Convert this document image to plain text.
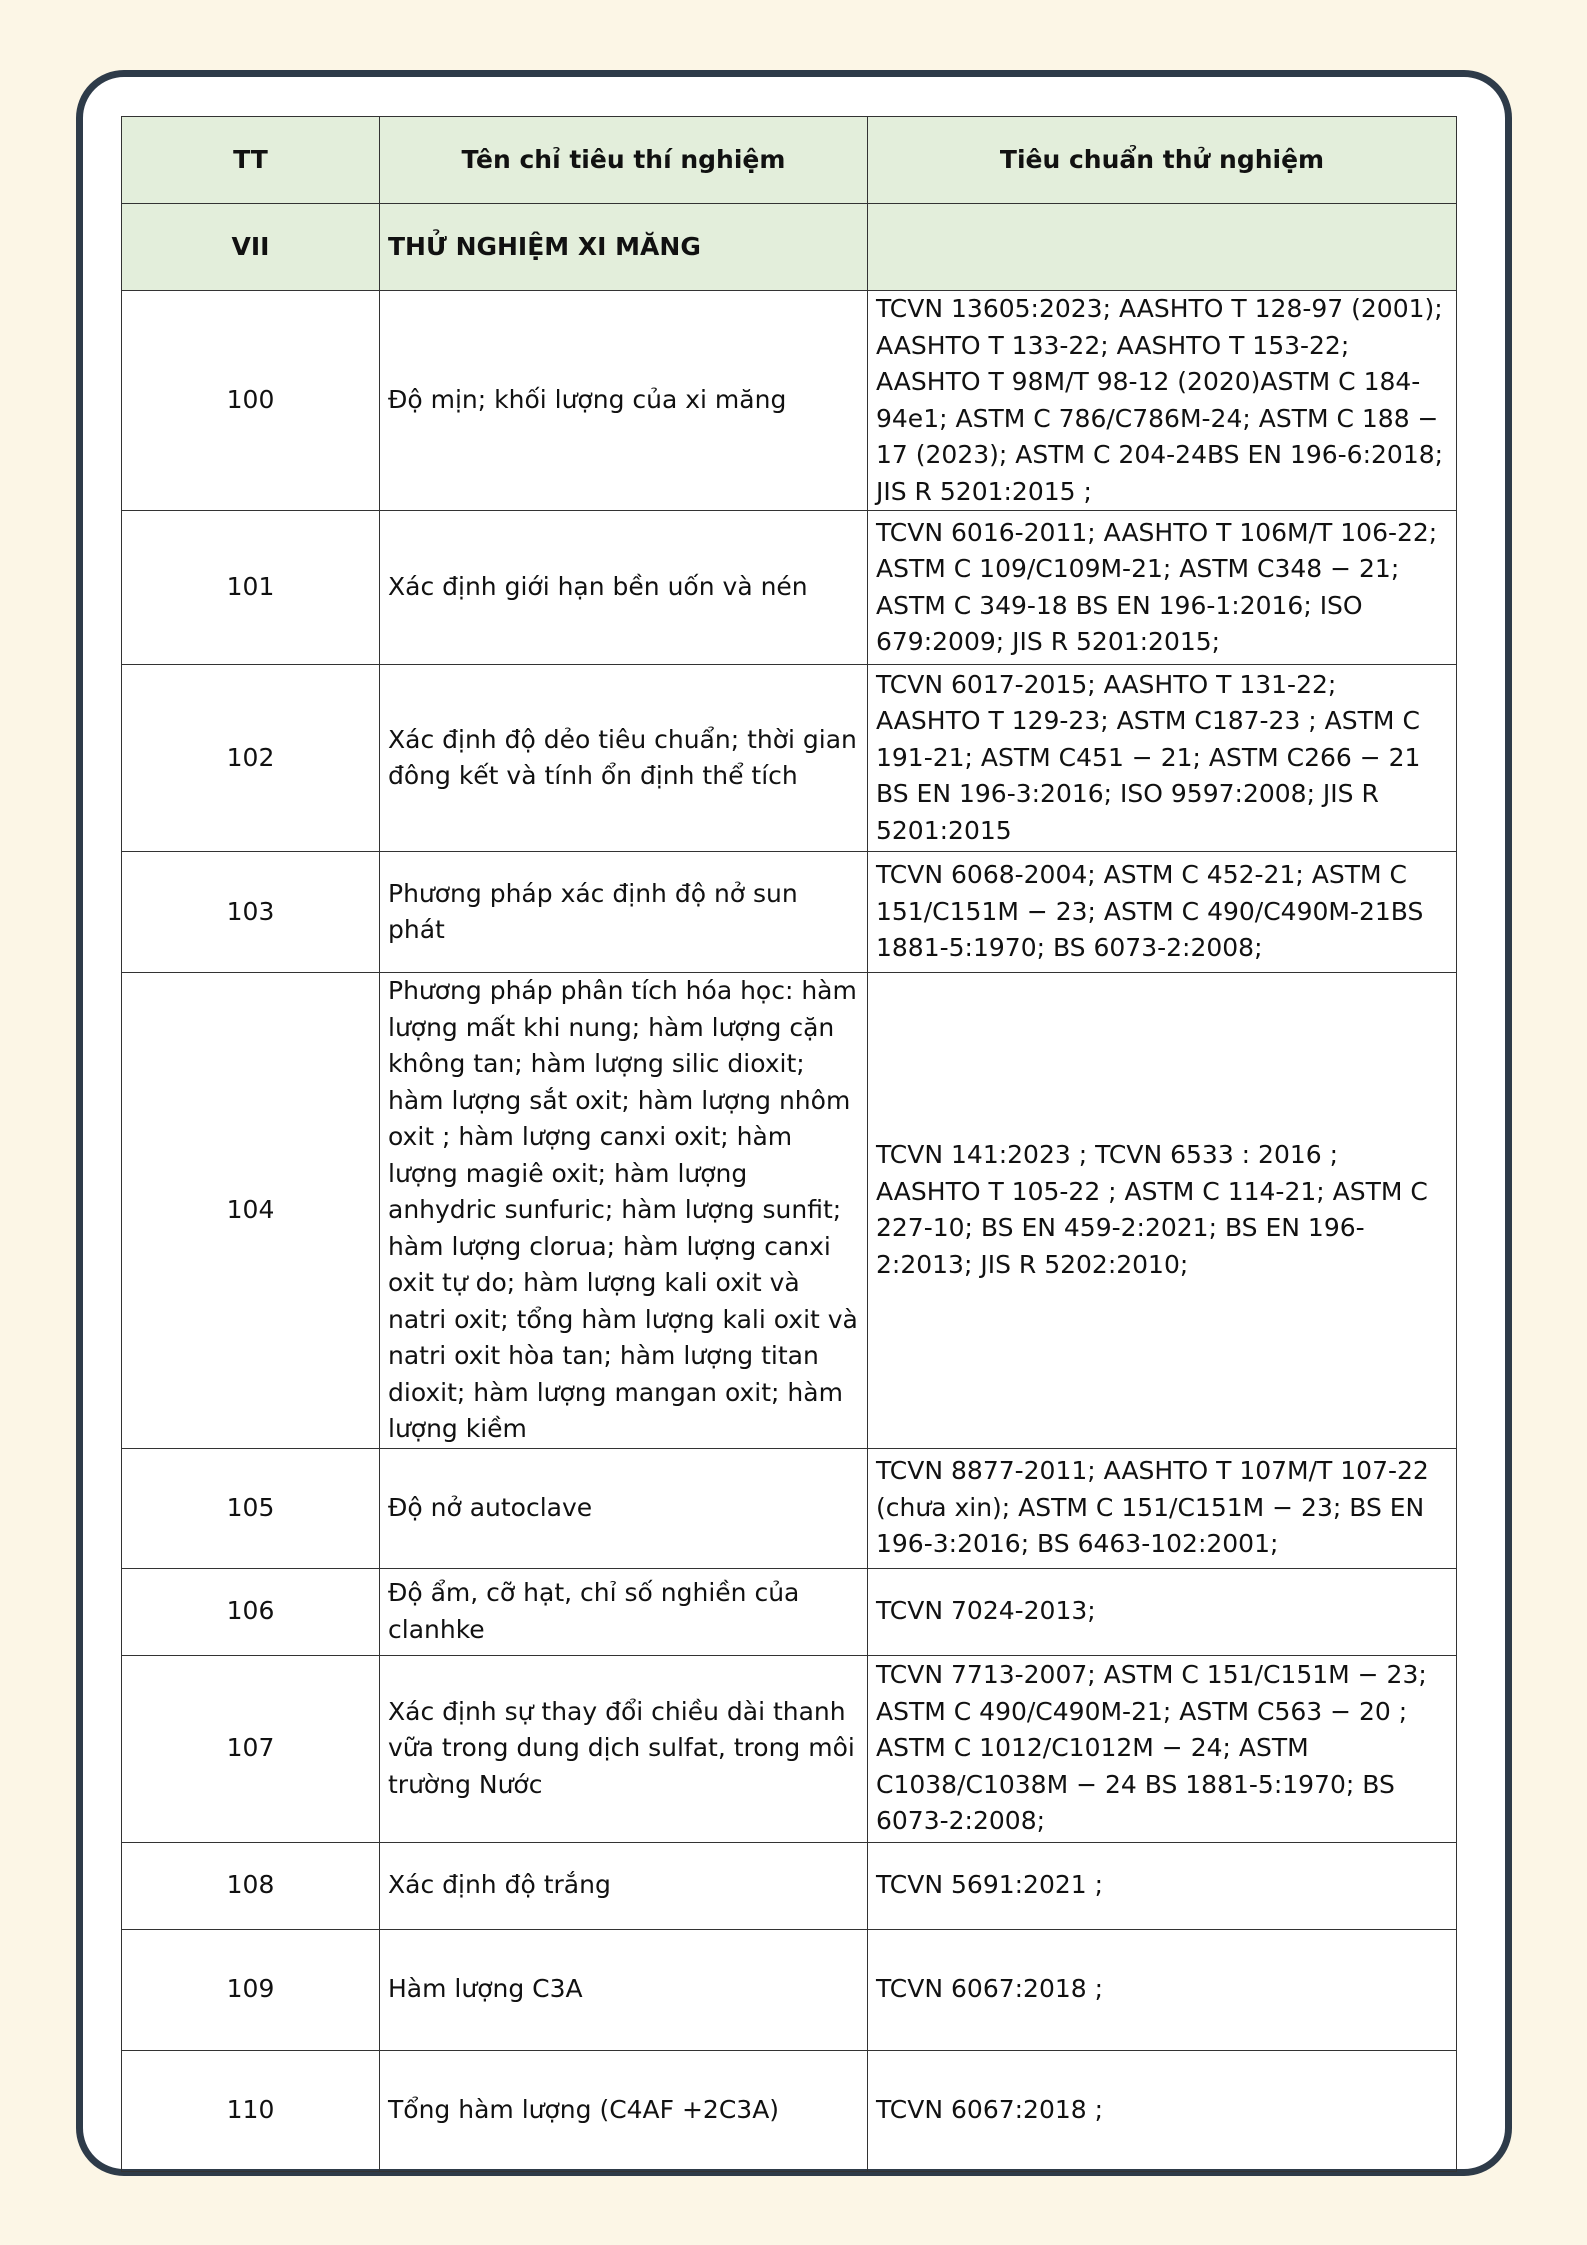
TT	Tên chỉ tiêu thí nghiệm	Tiêu chuẩn thử nghiệm
VII	THỬ NGHIỆM XI MĂNG	
100	Độ mịn; khối lượng của xi măng	TCVN 13605:2023; AASHTO T 128-97 (2001); AASHTO T 133-22; AASHTO T 153-22; AASHTO T 98M/T 98-12 (2020)ASTM C 184-94e1; ASTM C 786/C786M-24; ASTM C 188 − 17 (2023); ASTM C 204-24BS EN 196-6:2018; JIS R 5201:2015 ;
101	Xác định giới hạn bền uốn và nén	TCVN 6016-2011; AASHTO T 106M/T 106-22; ASTM C 109/C109M-21; ASTM C348 − 21; ASTM C 349-18 BS EN 196-1:2016; ISO 679:2009; JIS R 5201:2015;
102	Xác định độ dẻo tiêu chuẩn; thời gian đông kết và tính ổn định thể tích	TCVN 6017-2015; AASHTO T 131-22; AASHTO T 129-23; ASTM C187-23 ; ASTM C 191-21; ASTM C451 − 21; ASTM C266 − 21 BS EN 196-3:2016; ISO 9597:2008; JIS R 5201:2015
103	Phương pháp xác định độ nở sun phát	TCVN 6068-2004; ASTM C 452-21; ASTM C 151/C151M − 23; ASTM C 490/C490M-21BS 1881-5:1970; BS 6073-2:2008;
104	Phương pháp phân tích hóa học: hàm lượng mất khi nung; hàm lượng cặn không tan; hàm lượng silic dioxit; hàm lượng sắt oxit; hàm lượng nhôm oxit ; hàm lượng canxi oxit; hàm lượng magiê oxit; hàm lượng anhydric sunfuric; hàm lượng sunfit; hàm lượng clorua; hàm lượng canxi oxit tự do; hàm lượng kali oxit và natri oxit; tổng hàm lượng kali oxit và natri oxit hòa tan; hàm lượng titan dioxit; hàm lượng mangan oxit; hàm lượng kiềm	TCVN 141:2023 ; TCVN 6533 : 2016 ; AASHTO T 105-22 ; ASTM C 114-21; ASTM C 227-10; BS EN 459-2:2021; BS EN 196-2:2013; JIS R 5202:2010;
105	Độ nở autoclave	TCVN 8877-2011; AASHTO T 107M/T 107-22 (chưa xin); ASTM C 151/C151M − 23; BS EN 196-3:2016; BS 6463-102:2001;
106	Độ ẩm, cỡ hạt, chỉ số nghiền của clanhke	TCVN 7024-2013;
107	Xác định sự thay đổi chiều dài thanh vữa trong dung dịch sulfat, trong môi trường Nước	TCVN 7713-2007; ASTM C 151/C151M − 23; ASTM C 490/C490M-21; ASTM C563 − 20 ; ASTM C 1012/C1012M − 24; ASTM C1038/C1038M − 24 BS 1881-5:1970; BS 6073-2:2008;
108	Xác định độ trắng	TCVN 5691:2021 ;
109	Hàm lượng C3A	TCVN 6067:2018 ;
110	Tổng hàm lượng (C4AF +2C3A)	TCVN 6067:2018 ;
